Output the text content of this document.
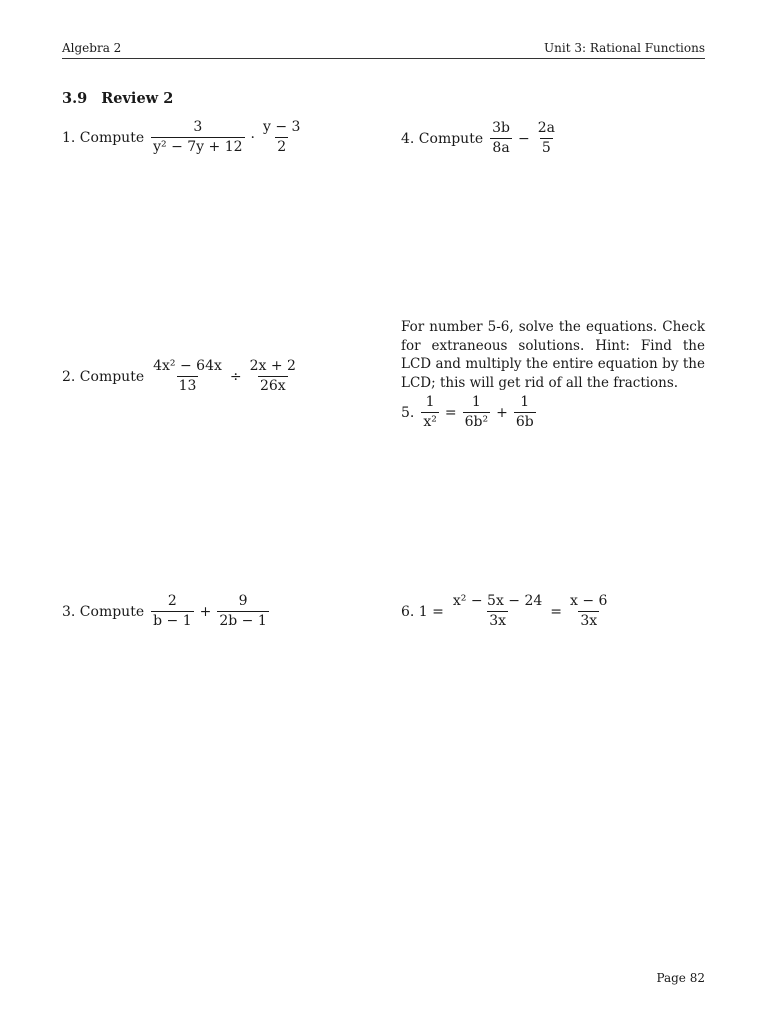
Algebra 2	Unit 3: Rational Functions
3.9 Review 2
1. Compute $\frac{3}{\text{y² − 7y + 12}} \cdot \frac{y - 3}{2}$	4. Compute $\frac{3b}{8a} - \frac{2a}{5}$
For number 5-6, solve the equations. Check for extraneous solutions. Hint: Find the LCD and multiply the entire equation by the LCD; this will get rid of all the fractions.
2. Compute $\frac{\text{4x² − 64x}}{13} \div \frac{2x + 2}{26x}$
5. $\frac{1}{\text{x²}} = \frac{1}{\text{6b²}} + \frac{1}{6b}$
3. Compute $\frac{2}{b - 1} + \frac{9}{2b - 1}$	6. $1 = \frac{\text{x² − 5x − 24}}{3x} = \frac{x - 6}{3x}$
Page 82
